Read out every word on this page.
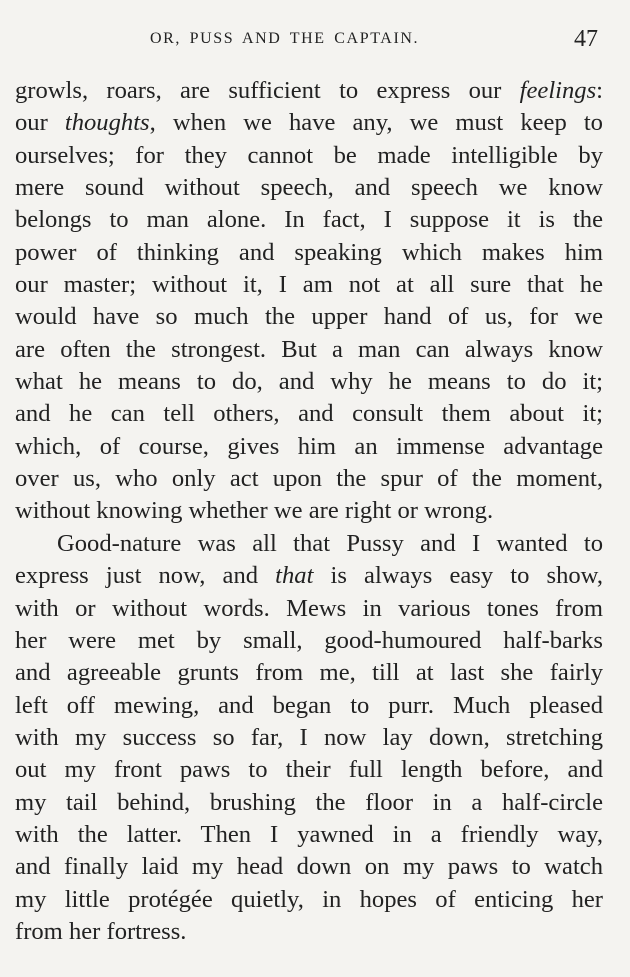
OR, PUSS AND THE CAPTAIN.	47
growls, roars, are sufficient to express our feelings:
our thoughts, when we have any, we must keep to
ourselves; for they cannot be made intelligible by
mere sound without speech, and speech we know
belongs to man alone. In fact, I suppose it is the
power of thinking and speaking which makes him
our master; without it, I am not at all sure that he
would have so much the upper hand of us, for we
are often the strongest. But a man can always know
what he means to do, and why he means to do it;
and he can tell others, and consult them about it;
which, of course, gives him an immense advantage
over us, who only act upon the spur of the moment,
without knowing whether we are right or wrong.
Good-nature was all that Pussy and I wanted to
express just now, and that is always easy to show,
with or without words. Mews in various tones from
her were met by small, good-humoured half-barks
and agreeable grunts from me, till at last she fairly
left off mewing, and began to purr. Much pleased
with my success so far, I now lay down, stretching
out my front paws to their full length before, and
my tail behind, brushing the floor in a half-circle
with the latter. Then I yawned in a friendly way,
and finally laid my head down on my paws to watch
my little protégée quietly, in hopes of enticing her
from her fortress.
